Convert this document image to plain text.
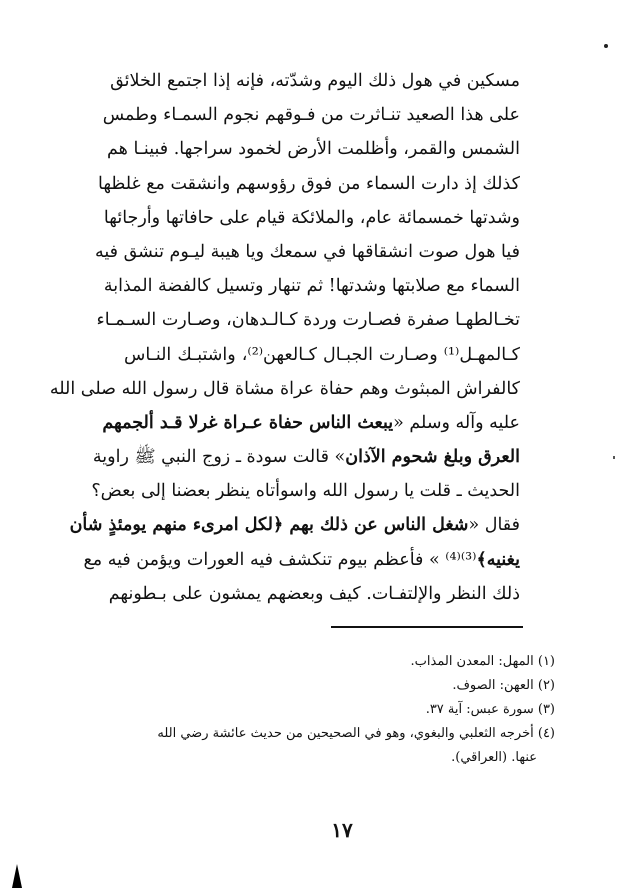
مسكين في هول ذلك اليوم وشدّته، فإنه إذا اجتمع الخلائق
على هذا الصعيد تنـاثرت من فـوقهم نجوم السمـاء وطمس
الشمس والقمر، وأظلمت الأرض لخمود سراجها. فبينـا هم
كذلك إذ دارت السماء من فوق رؤوسهم وانشقت مع غلظها
وشدتها خمسمائة عام، والملائكة قيام على حافاتها وأرجائها
فيا هول صوت انشقاقها في سمعك ويا هيبة ليـوم تنشق فيه
السماء مع صلابتها وشدتها! ثم تنهار وتسيل كالفضة المذابة
تخـالطهـا صفرة فصـارت وردة كـالـدهان، وصـارت السـمـاء
كـالمهـل⁽¹⁾ وصـارت الجبـال كـالعهن⁽²⁾، واشتبـك النـاس
كالفراش المبثوث وهم حفاة عراة مشاة قال رسول الله صلى الله
عليه وآله وسلم «يبعث الناس حفاة عـراة غرلا قـد ألجمهم
العرق وبلغ شحوم الآذان» قالت سودة ـ زوج النبي ﷺ راوية
الحديث ـ قلت يا رسول الله واسوأتاه ينظر بعضنا إلى بعض؟
فقال «شغل الناس عن ذلك بهم ﴿لكل امرىء منهم يومئذٍ شأن
يغنيه﴾⁽³⁾⁽⁴⁾ » فأعظم بيوم تنكشف فيه العورات ويؤمن فيه مع
ذلك النظر والإلتفـات. كيف وبعضهم يمشون على بـطونهم
(١) المهل: المعدن المذاب.
(٢) العهن: الصوف.
(٣) سورة عبس: آية ٣٧.
(٤) أخرجه الثعلبي والبغوي، وهو في الصحيحين من حديث عائشة رضي الله
عنها. (العراقي).
١٧
